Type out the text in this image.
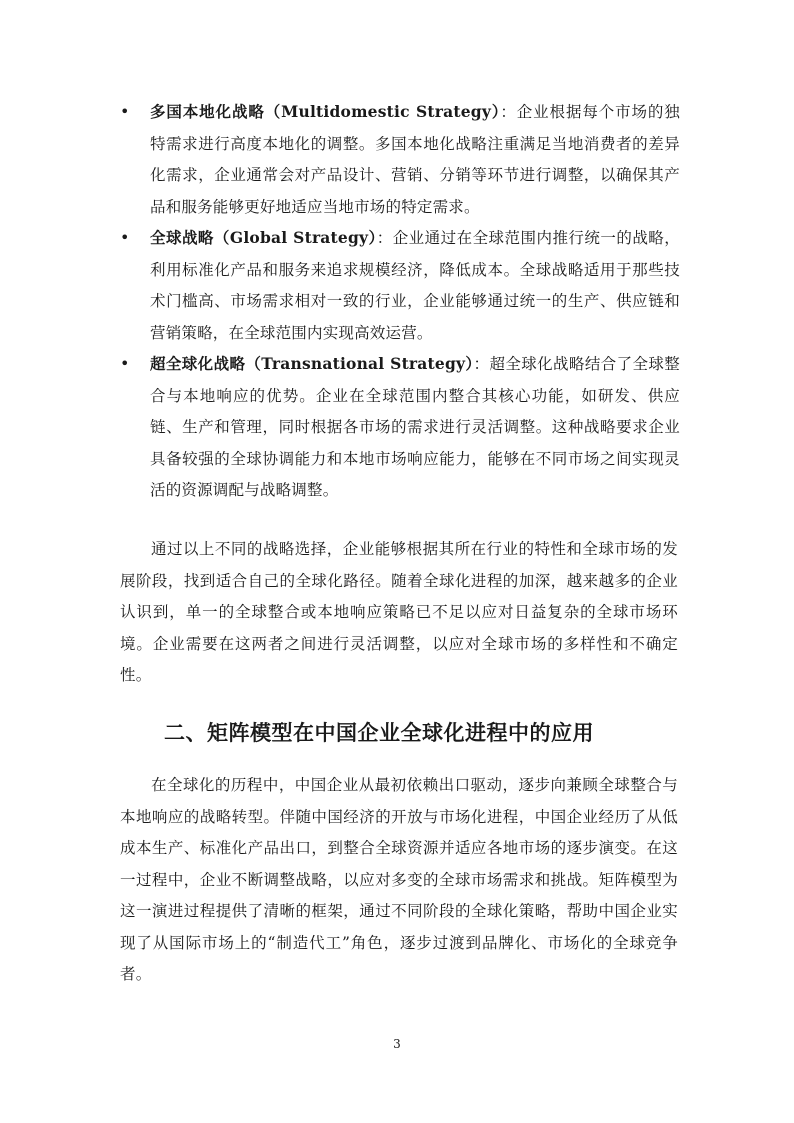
• 多国本地化战略（Multidomestic Strategy）：企业根据每个市场的独特需求进行高度本地化的调整。多国本地化战略注重满足当地消费者的差异化需求，企业通常会对产品设计、营销、分销等环节进行调整，以确保其产品和服务能够更好地适应当地市场的特定需求。
• 全球战略（Global Strategy）：企业通过在全球范围内推行统一的战略，利用标准化产品和服务来追求规模经济，降低成本。全球战略适用于那些技术门槛高、市场需求相对一致的行业，企业能够通过统一的生产、供应链和营销策略，在全球范围内实现高效运营。
• 超全球化战略（Transnational Strategy）：超全球化战略结合了全球整合与本地响应的优势。企业在全球范围内整合其核心功能，如研发、供应链、生产和管理，同时根据各市场的需求进行灵活调整。这种战略要求企业具备较强的全球协调能力和本地市场响应能力，能够在不同市场之间实现灵活的资源调配与战略调整。

通过以上不同的战略选择，企业能够根据其所在行业的特性和全球市场的发展阶段，找到适合自己的全球化路径。随着全球化进程的加深，越来越多的企业认识到，单一的全球整合或本地响应策略已不足以应对日益复杂的全球市场环境。企业需要在这两者之间进行灵活调整，以应对全球市场的多样性和不确定性。

二、矩阵模型在中国企业全球化进程中的应用

在全球化的历程中，中国企业从最初依赖出口驱动，逐步向兼顾全球整合与本地响应的战略转型。伴随中国经济的开放与市场化进程，中国企业经历了从低成本生产、标准化产品出口，到整合全球资源并适应各地市场的逐步演变。在这一过程中，企业不断调整战略，以应对多变的全球市场需求和挑战。矩阵模型为这一演进过程提供了清晰的框架，通过不同阶段的全球化策略，帮助中国企业实现了从国际市场上的“制造代工”角色，逐步过渡到品牌化、市场化的全球竞争者。

3
